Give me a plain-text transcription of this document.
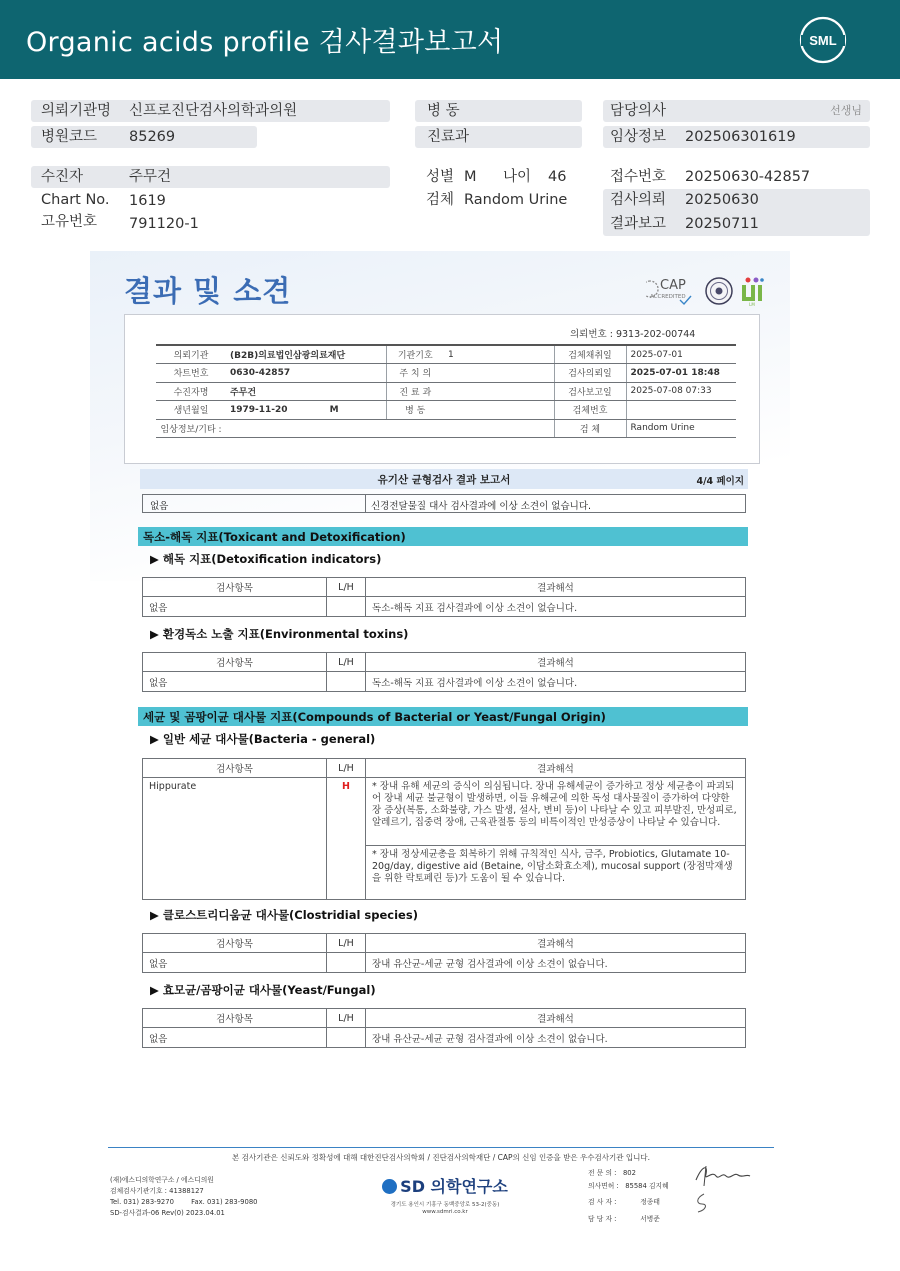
Organic acids profile 검사결과보고서	SML
의뢰기관명 신프로진단검사의학과의원
병원코드 85269
병 동
진료과
담당의사	선생님
임상정보 202506301619
수진자	주무건
Chart No. 1619
고유번호 791120-1
성별 M 나이 46
검체 Random Urine
접수번호 20250630-42857
검사의뢰 20250630
결과보고 20250711
결과 및 소견	CAP
ACCREDITED
LM
의뢰번호 : 9313-202-00744
의뢰기관	(B2B)의료법인삼광의료재단	기관기호	1	검체채취일	2025-07-01
차트번호	0630-42857	주 치 의		검사의뢰일	2025-07-01 18:48
수진자명	주무건	진 료 과		검사보고일	2025-07-08 07:33
생년월일	1979-11-20 M	병 동		검체번호	
임상정보/기타 :				검 체	Random Urine
유기산 균형검사 결과 보고서	4/4 페이지
없음	신경전달물질 대사 검사결과에 이상 소견이 없습니다.
독소-해독 지표(Toxicant and Detoxification)
▶ 해독 지표(Detoxification indicators)
검사항목	L/H	결과해석
없음		독소-해독 지표 검사결과에 이상 소견이 없습니다.
▶ 환경독소 노출 지표(Environmental toxins)
검사항목	L/H	결과해석
없음		독소-해독 지표 검사결과에 이상 소견이 없습니다.
세균 및 곰팡이균 대사물 지표(Compounds of Bacterial or Yeast/Fungal Origin)
▶ 일반 세균 대사물(Bacteria - general)
검사항목	L/H	결과해석
Hippurate	H	* 장내 유해 세균의 증식이 의심됩니다. 장내 유해세균이 증가하고 정상 세균총이 파괴되어 장내 세균 불균형이 발생하면, 이들 유해균에 의한 독성 대사물질이 증가하여 다양한 장 증상(복통, 소화불량, 가스 발생, 설사, 변비 등)이 나타날 수 있고 피부발진, 만성피로, 알레르기, 집중력 장애, 근육관절통 등의 비특이적인 만성증상이 나타날 수 있습니다.
		* 장내 정상세균총을 회복하기 위해 규칙적인 식사, 금주, Probiotics, Glutamate 10-20g/day, digestive aid (Betaine, 이담소화효소제), mucosal support (장점막재생을 위한 락토페린 등)가 도움이 될 수 있습니다.
▶ 클로스트리디움균 대사물(Clostridial species)
검사항목	L/H	결과해석
없음		장내 유산균-세균 균형 검사결과에 이상 소견이 없습니다.
▶ 효모균/곰팡이균 대사물(Yeast/Fungal)
검사항목	L/H	결과해석
없음		장내 유산균-세균 균형 검사결과에 이상 소견이 없습니다.
본 검사기관은 신뢰도와 정확성에 대해 대한진단검사의학회 / 진단검사의학재단 / CAP의 신임 인증을 받은 우수검사기관 입니다.
(재)에스디의학연구소 / 에스디의원
검체검사기관기호 : 41388127
Tel. 031) 283-9270        Fax. 031) 283-9080
SD-검사결과-06 Rev(0) 2023.04.01
SD 의학연구소
경기도 용인시 기흥구 동백중앙로 53-2(중동)
www.sdmri.co.kr
전 문 의 :   802
의사면허 :   85584 김지혜
검 사 자 :           정종태
담 당 자 :           서병준
